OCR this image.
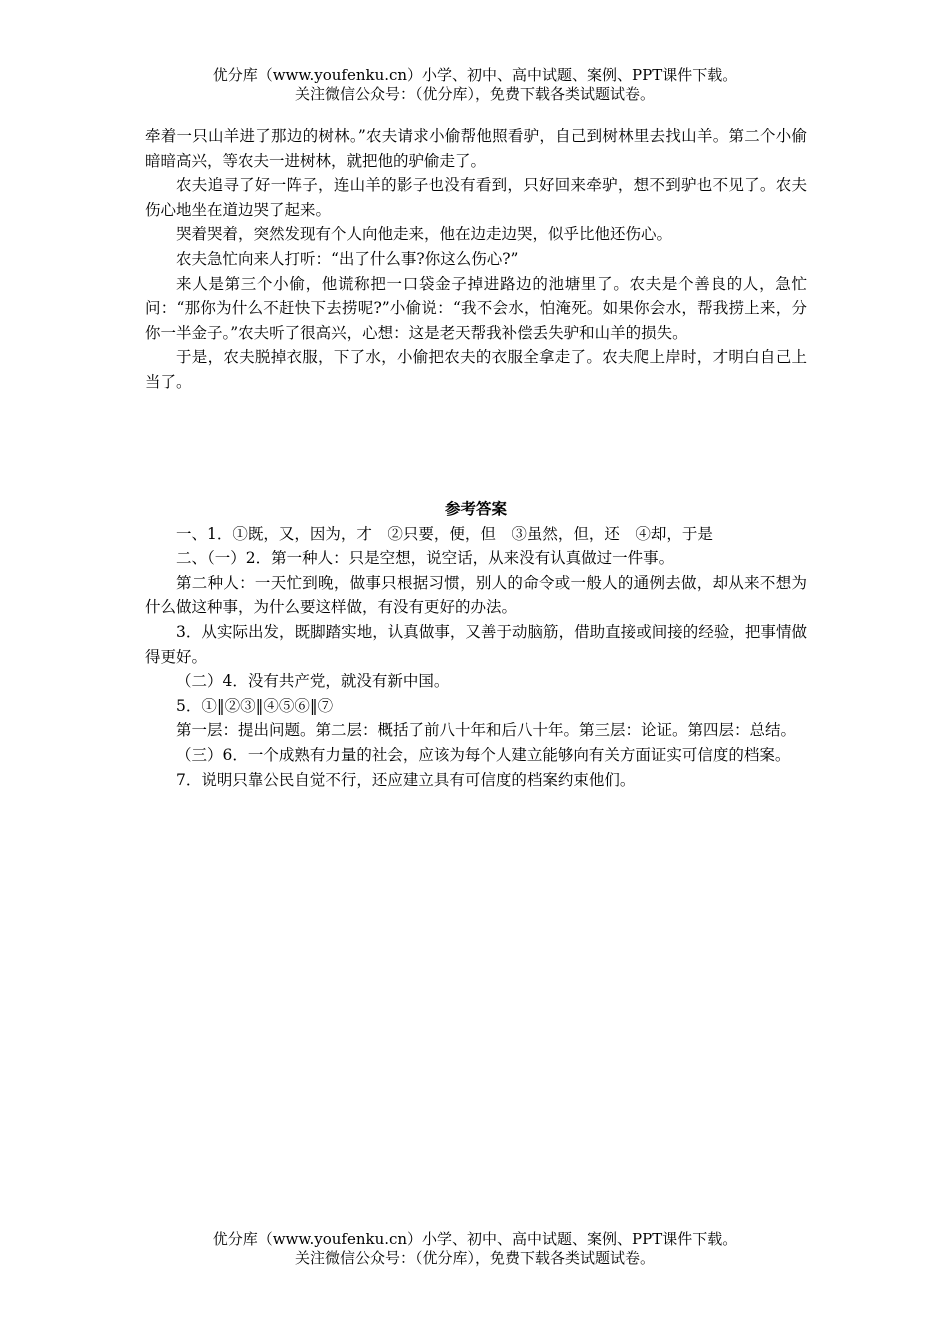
优分库（www.youfenku.cn）小学、初中、高中试题、案例、PPT课件下载。
关注微信公众号：（优分库），免费下载各类试题试卷。

牵着一只山羊进了那边的树林。”农夫请求小偷帮他照看驴，自己到树林里去找山羊。第二个小偷暗暗高兴，等农夫一进树林，就把他的驴偷走了。

农夫追寻了好一阵子，连山羊的影子也没有看到，只好回来牵驴，想不到驴也不见了。农夫伤心地坐在道边哭了起来。

哭着哭着，突然发现有个人向他走来，他在边走边哭，似乎比他还伤心。

农夫急忙向来人打听：“出了什么事?你这么伤心?”

来人是第三个小偷，他谎称把一口袋金子掉进路边的池塘里了。农夫是个善良的人，急忙问：“那你为什么不赶快下去捞呢?”小偷说：“我不会水，怕淹死。如果你会水，帮我捞上来，分你一半金子。”农夫听了很高兴，心想：这是老天帮我补偿丢失驴和山羊的损失。

于是，农夫脱掉衣服，下了水，小偷把农夫的衣服全拿走了。农夫爬上岸时，才明白自己上当了。

参考答案

一、1．①既，又，因为，才　②只要，便，但　③虽然，但，还　④却，于是

二、（一）2．第一种人：只是空想，说空话，从来没有认真做过一件事。

第二种人：一天忙到晚，做事只根据习惯，别人的命令或一般人的通例去做，却从来不想为什么做这种事，为什么要这样做，有没有更好的办法。

3．从实际出发，既脚踏实地，认真做事，又善于动脑筋，借助直接或间接的经验，把事情做得更好。

（二）4．没有共产党，就没有新中国。

5．①‖②③‖④⑤⑥‖⑦

第一层：提出问题。第二层：概括了前八十年和后八十年。第三层：论证。第四层：总结。

（三）6．一个成熟有力量的社会，应该为每个人建立能够向有关方面证实可信度的档案。

7．说明只靠公民自觉不行，还应建立具有可信度的档案约束他们。

优分库（www.youfenku.cn）小学、初中、高中试题、案例、PPT课件下载。
关注微信公众号：（优分库），免费下载各类试题试卷。
